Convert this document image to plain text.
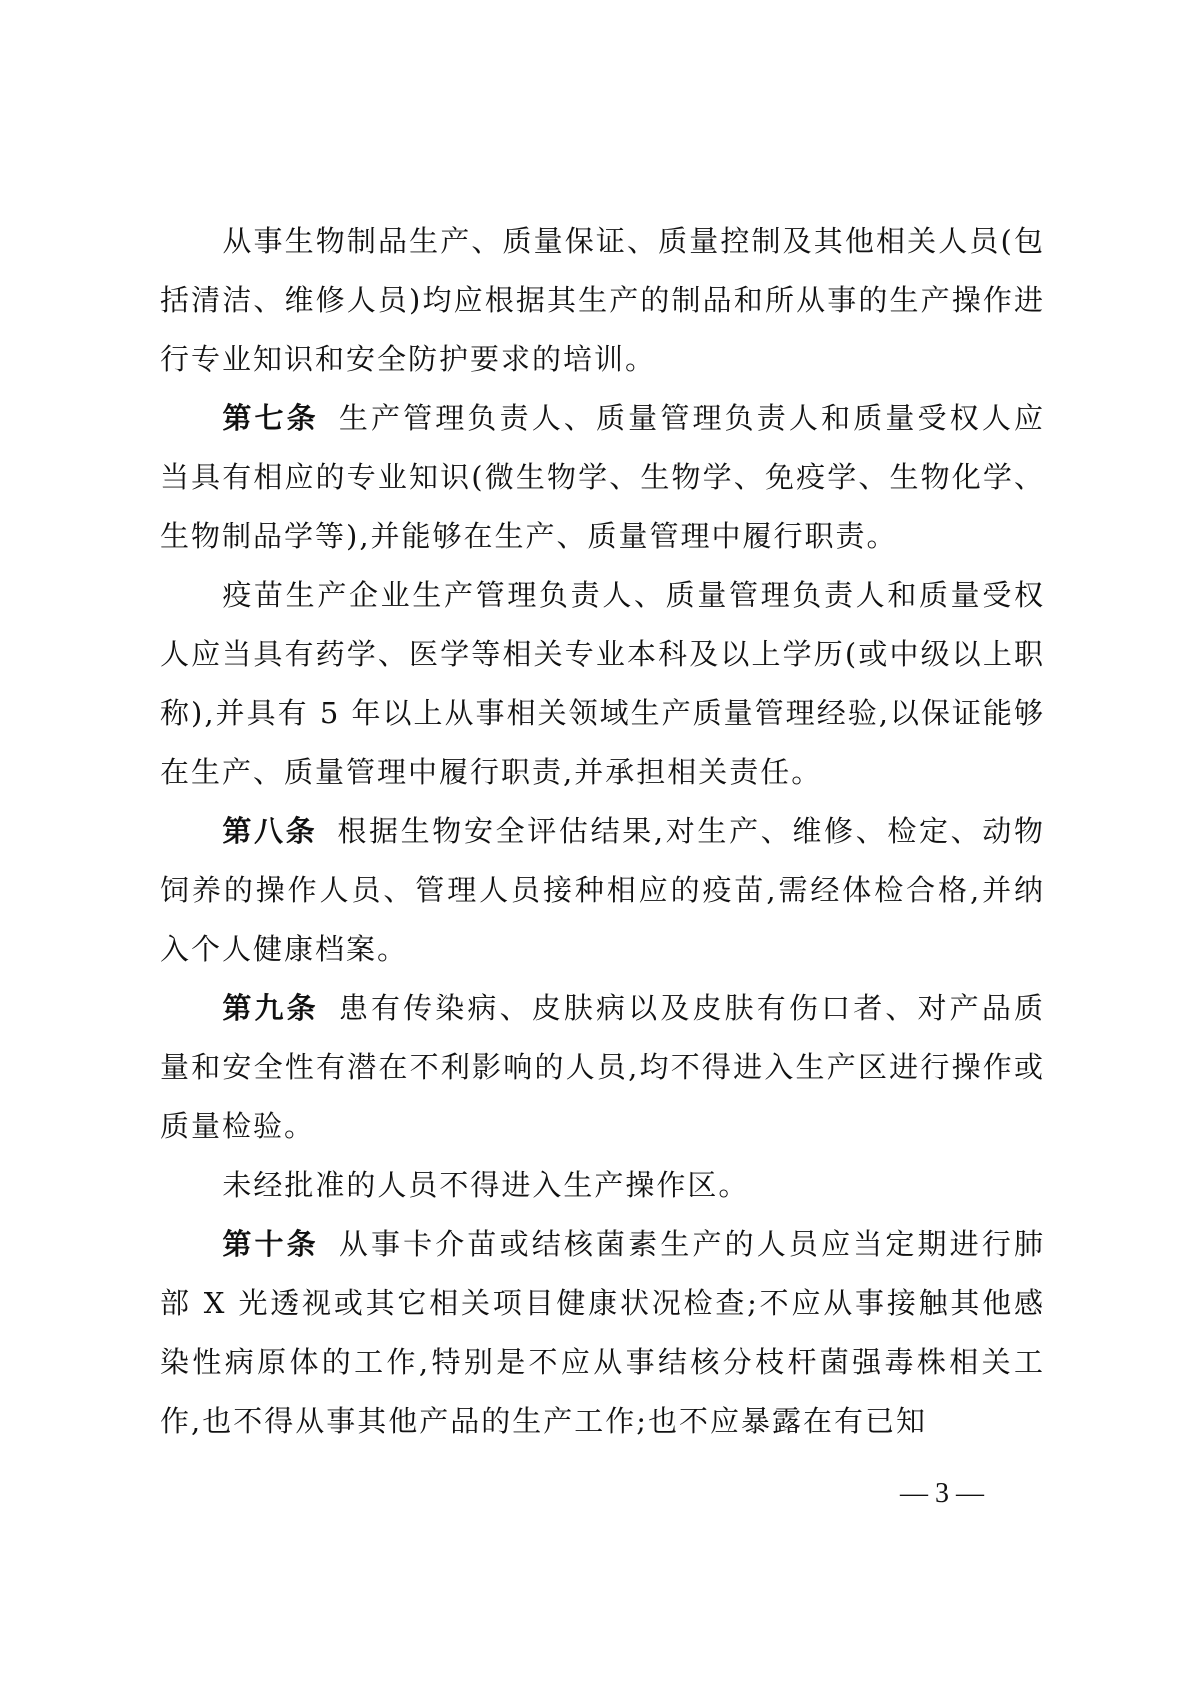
从事生物制品生产、质量保证、质量控制及其他相关人员(包括清洁、维修人员)均应根据其生产的制品和所从事的生产操作进行专业知识和安全防护要求的培训。

第七条 生产管理负责人、质量管理负责人和质量受权人应当具有相应的专业知识(微生物学、生物学、免疫学、生物化学、生物制品学等),并能够在生产、质量管理中履行职责。

疫苗生产企业生产管理负责人、质量管理负责人和质量受权人应当具有药学、医学等相关专业本科及以上学历(或中级以上职称),并具有 5 年以上从事相关领域生产质量管理经验,以保证能够在生产、质量管理中履行职责,并承担相关责任。

第八条 根据生物安全评估结果,对生产、维修、检定、动物饲养的操作人员、管理人员接种相应的疫苗,需经体检合格,并纳入个人健康档案。

第九条 患有传染病、皮肤病以及皮肤有伤口者、对产品质量和安全性有潜在不利影响的人员,均不得进入生产区进行操作或质量检验。

未经批准的人员不得进入生产操作区。

第十条 从事卡介苗或结核菌素生产的人员应当定期进行肺部 X 光透视或其它相关项目健康状况检查;不应从事接触其他感染性病原体的工作,特别是不应从事结核分枝杆菌强毒株相关工作,也不得从事其他产品的生产工作;也不应暴露在有已知

— 3 —
